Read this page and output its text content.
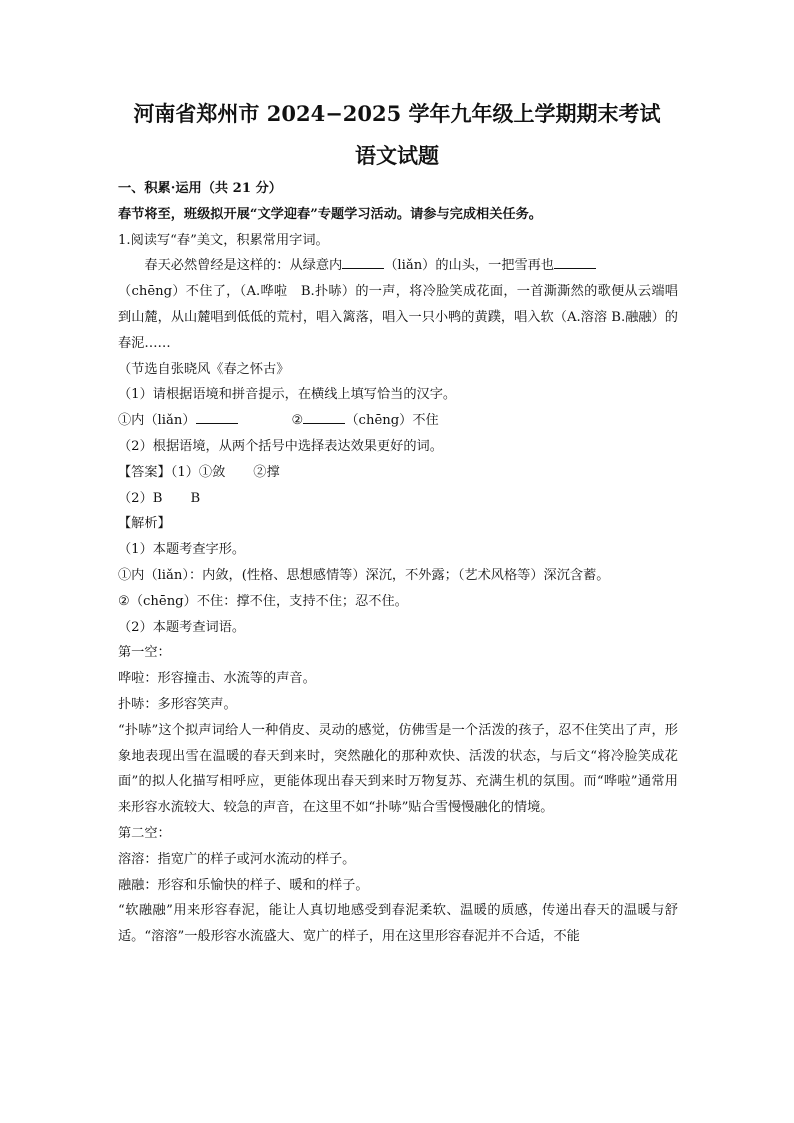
河南省郑州市 2024−2025 学年九年级上学期期末考试
语文试题

一、积累·运用（共 21 分）

春节将至，班级拟开展“文学迎春”专题学习活动。请参与完成相关任务。

1.阅读写“春”美文，积累常用字词。

春天必然曾经是这样的：从绿意内	（liǎn）的山头，一把雪再也

（chēng）不住了，（A.哗啦　B.扑哧）的一声，将冷脸笑成花面，一首澌澌然的歌便从云端唱到山麓，从山麓唱到低低的荒村，唱入篱落，唱入一只小鸭的黄蹼，唱入软（A.溶溶 B.融融）的春泥……

（节选自张晓风《春之怀古》

（1）请根据语境和拼音提示，在横线上填写恰当的汉字。

①内（liǎn）	②	（chēng）不住

（2）根据语境，从两个括号中选择表达效果更好的词。

【答案】（1）①敛 ②撑

（2）B B

【解析】

（1）本题考查字形。

①内（liǎn）：内敛，(性格、思想感情等）深沉，不外露；（艺术风格等）深沉含蓄。

②（chēng）不住：撑不住，支持不住；忍不住。

（2）本题考查词语。

第一空：

哗啦：形容撞击、水流等的声音。

扑哧：多形容笑声。

“扑哧”这个拟声词给人一种俏皮、灵动的感觉，仿佛雪是一个活泼的孩子，忍不住笑出了声，形象地表现出雪在温暖的春天到来时，突然融化的那种欢快、活泼的状态，与后文“将冷脸笑成花面”的拟人化描写相呼应，更能体现出春天到来时万物复苏、充满生机的氛围。而“哗啦”通常用来形容水流较大、较急的声音，在这里不如“扑哧”贴合雪慢慢融化的情境。

第二空：

溶溶：指宽广的样子或河水流动的样子。

融融：形容和乐愉快的样子、暖和的样子。

“软融融”用来形容春泥，能让人真切地感受到春泥柔软、温暖的质感，传递出春天的温暖与舒适。“溶溶”一般形容水流盛大、宽广的样子，用在这里形容春泥并不合适，不能
